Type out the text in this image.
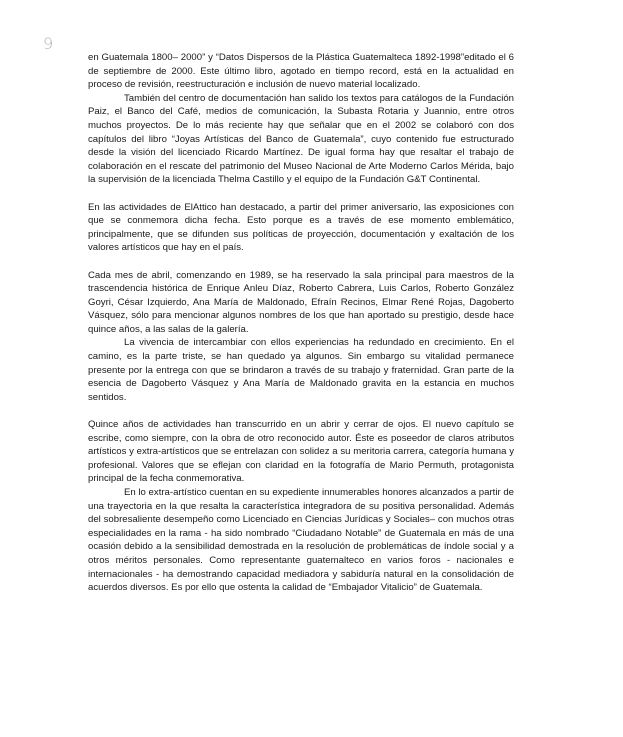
9

en Guatemala 1800– 2000” y “Datos Dispersos de la Plástica Guatemalteca 1892-1998”editado el 6 de septiembre de 2000. Este último libro, agotado en tiempo record, está en la actualidad en proceso de revisión, reestructuración e inclusión de nuevo material localizado.

También del centro de documentación han salido los textos para catálogos de la Fundación Paiz, el Banco del Café, medios de comunicación, la Subasta Rotaria y Juannio, entre otros muchos proyectos. De lo más reciente hay que señalar que en el 2002 se colaboró con dos capítulos del libro “Joyas Artísticas del Banco de Guatemala”, cuyo contenido fue estructurado desde la visión del licenciado Ricardo Martínez. De igual forma hay que resaltar el trabajo de colaboración en el rescate del patrimonio del Museo Nacional de Arte Moderno Carlos Mérida, bajo la supervisión de la licenciada Thelma Castillo y el equipo de la Fundación G&T Continental.

En las actividades de ElAttico han destacado, a partir del primer aniversario, las exposiciones con que se conmemora dicha fecha. Esto porque es a través de ese momento emblemático, principalmente, que se difunden sus políticas de proyección, documentación y exaltación de los valores artísticos que hay en el país.

Cada mes de abril, comenzando en 1989, se ha reservado la sala principal para maestros de la trascendencia histórica de Enrique Anleu Díaz, Roberto Cabrera, Luis Carlos, Roberto González Goyri, César Izquierdo, Ana María de Maldonado, Efraín Recinos, Elmar René Rojas, Dagoberto Vásquez, sólo para mencionar algunos nombres de los que han aportado su prestigio, desde hace quince años, a las salas de la galería.

La vivencia de intercambiar con ellos experiencias ha redundado en crecimiento. En el camino, es la parte triste, se han quedado ya algunos. Sin embargo su vitalidad permanece presente por la entrega con que se brindaron a través de su trabajo y fraternidad. Gran parte de la esencia de Dagoberto Vásquez y Ana María de Maldonado gravita en la estancia en muchos sentidos.

Quince años de actividades han transcurrido en un abrir y cerrar de ojos. El nuevo capítulo se escribe, como siempre, con la obra de otro reconocido autor. Éste es poseedor de claros atributos artísticos y extra-artísticos que se entrelazan con solidez a su meritoria carrera, categoría humana y profesional. Valores que se eflejan con claridad en la fotografía de Mario Permuth, protagonista principal de la fecha conmemorativa.

En lo extra-artístico cuentan en su expediente innumerables honores alcanzados a partir de una trayectoria en la que resalta la característica integradora de su positiva personalidad. Además del sobresaliente desempeño como Licenciado en Ciencias Jurídicas y Sociales– con muchos otras especialidades en la rama - ha sido nombrado “Ciudadano Notable” de Guatemala en más de una ocasión debido a la sensibilidad demostrada en la resolución de problemáticas de índole social y a otros méritos personales. Como representante guatemalteco en varios foros - nacionales e internacionales - ha demostrando capacidad mediadora y sabiduría natural en la consolidación de acuerdos diversos. Es por ello que ostenta la calidad de “Embajador Vitalicio” de Guatemala.
